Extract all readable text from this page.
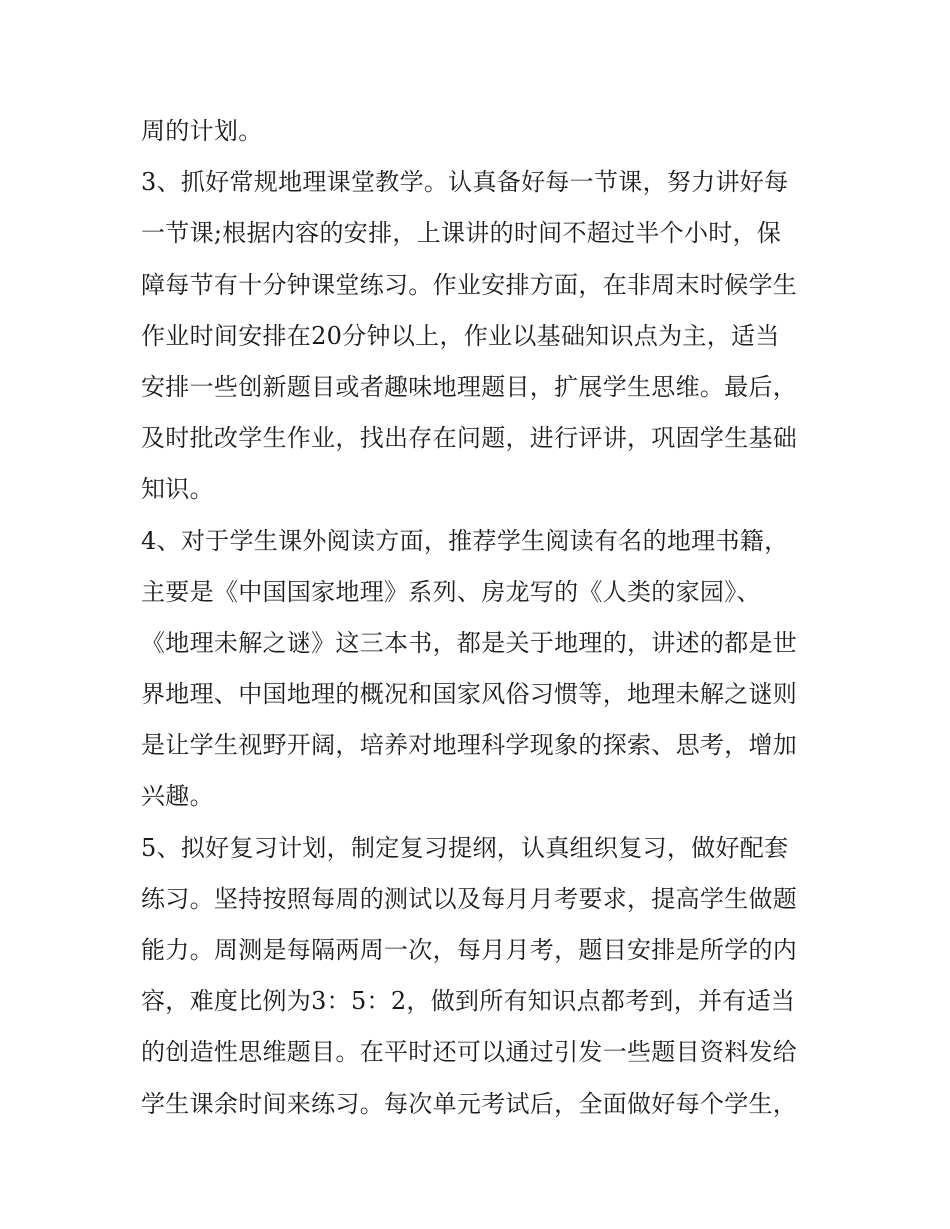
周的计划。
3、抓好常规地理课堂教学。认真备好每一节课，努力讲好每
一节课;根据内容的安排，上课讲的时间不超过半个小时，保
障每节有十分钟课堂练习。作业安排方面，在非周末时候学生
作业时间安排在20分钟以上，作业以基础知识点为主，适当
安排一些创新题目或者趣味地理题目，扩展学生思维。最后，
及时批改学生作业，找出存在问题，进行评讲，巩固学生基础
知识。
4、对于学生课外阅读方面，推荐学生阅读有名的地理书籍，
主要是《中国国家地理》系列、房龙写的《人类的家园》、
《地理未解之谜》这三本书，都是关于地理的，讲述的都是世
界地理、中国地理的概况和国家风俗习惯等，地理未解之谜则
是让学生视野开阔，培养对地理科学现象的探索、思考，增加
兴趣。
5、拟好复习计划，制定复习提纲，认真组织复习，做好配套
练习。坚持按照每周的测试以及每月月考要求，提高学生做题
能力。周测是每隔两周一次，每月月考，题目安排是所学的内
容，难度比例为3：5：2，做到所有知识点都考到，并有适当
的创造性思维题目。在平时还可以通过引发一些题目资料发给
学生课余时间来练习。每次单元考试后，全面做好每个学生，
